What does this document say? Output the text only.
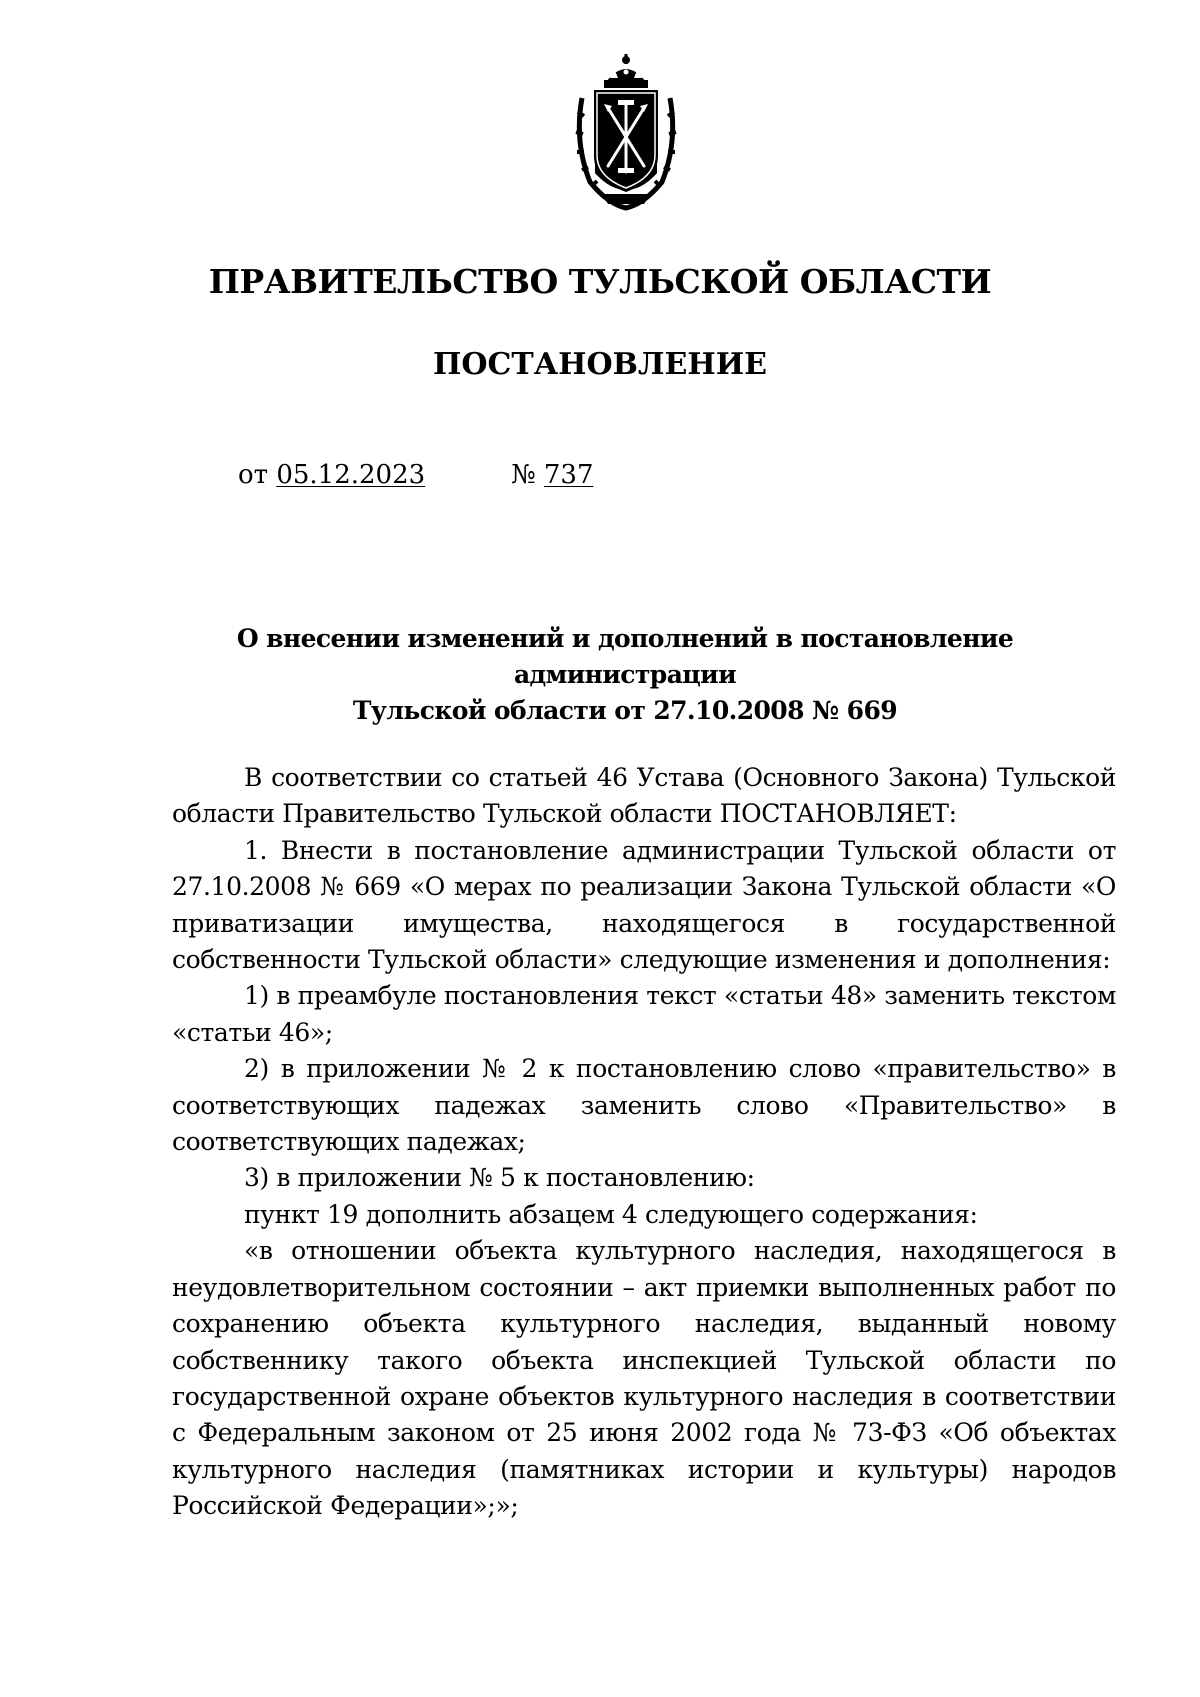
ПРАВИТЕЛЬСТВО ТУЛЬСКОЙ ОБЛАСТИ
ПОСТАНОВЛЕНИЕ
от 05.12.2023	№ 737
О внесении изменений и дополнений в постановление администрации
Тульской области от 27.10.2008 № 669

В соответствии со статьей 46 Устава (Основного Закона) Тульской области Правительство Тульской области ПОСТАНОВЛЯЕТ:

1. Внести в постановление администрации Тульской области от 27.10.2008 № 669 «О мерах по реализации Закона Тульской области «О приватизации имущества, находящегося в государственной собственности Тульской области» следующие изменения и дополнения:

1) в преамбуле постановления текст «статьи 48» заменить текстом «статьи 46»;

2) в приложении № 2 к постановлению слово «правительство» в соответствующих падежах заменить слово «Правительство» в соответствующих падежах;

3) в приложении № 5 к постановлению:

пункт 19 дополнить абзацем 4 следующего содержания:

«в отношении объекта культурного наследия, находящегося в неудовлетворительном состоянии – акт приемки выполненных работ по сохранению объекта культурного наследия, выданный новому собственнику такого объекта инспекцией Тульской области по государственной охране объектов культурного наследия в соответствии с Федеральным законом от 25 июня 2002 года № 73-ФЗ «Об объектах культурного наследия (памятниках истории и культуры) народов Российской Федерации»;»;
